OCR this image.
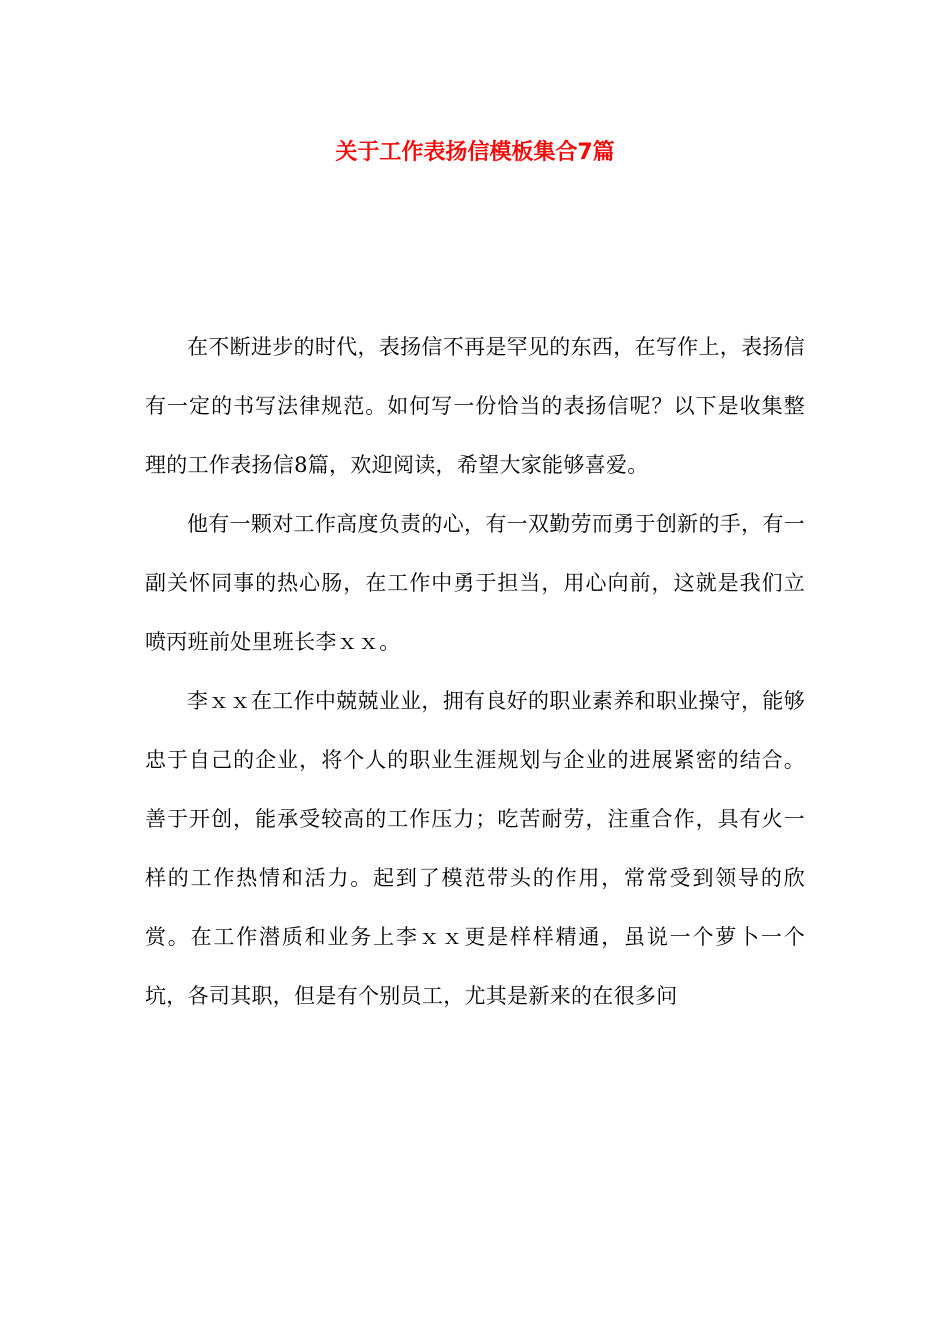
关于工作表扬信模板集合7篇

在不断进步的时代，表扬信不再是罕见的东西，在写作上，表扬信有一定的书写法律规范。如何写一份恰当的表扬信呢？以下是收集整理的工作表扬信8篇，欢迎阅读，希望大家能够喜爱。

他有一颗对工作高度负责的心，有一双勤劳而勇于创新的手，有一副关怀同事的热心肠，在工作中勇于担当，用心向前，这就是我们立喷丙班前处里班长李ｘｘ。

李ｘｘ在工作中兢兢业业，拥有良好的职业素养和职业操守，能够忠于自己的企业，将个人的职业生涯规划与企业的进展紧密的结合。善于开创，能承受较高的工作压力；吃苦耐劳，注重合作，具有火一样的工作热情和活力。起到了模范带头的作用，常常受到领导的欣赏。在工作潜质和业务上李ｘｘ更是样样精通，虽说一个萝卜一个坑，各司其职，但是有个别员工，尤其是新来的在很多问
